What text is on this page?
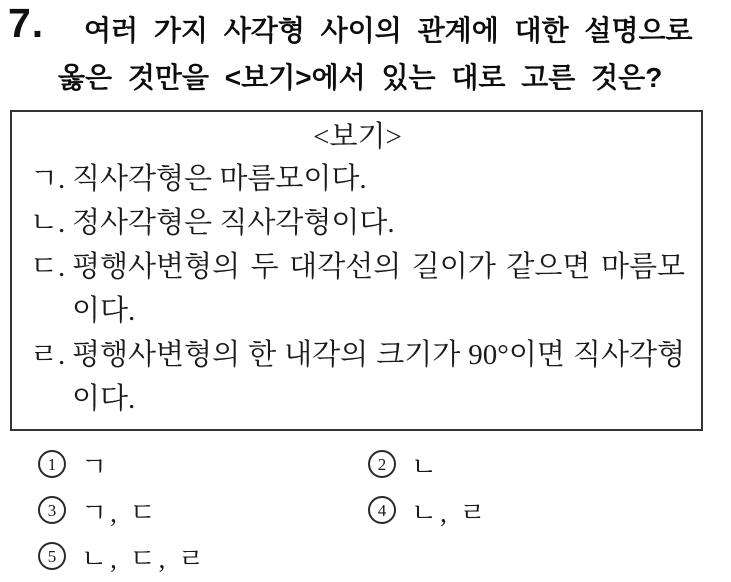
7. 여러 가지 사각형 사이의 관계에 대한 설명으로
옳은 것만을 <보기>에서 있는 대로 고른 것은?
<보기>
ㄱ. 직사각형은 마름모이다.
ㄴ. 정사각형은 직사각형이다.
ㄷ. 평행사변형의 두 대각선의 길이가 같으면 마름모이다.
ㄹ. 평행사변형의 한 내각의 크기가 90°이면 직사각형이다.
1 ㄱ	2 ㄴ
3 ㄱ, ㄷ	4 ㄴ, ㄹ
5 ㄴ, ㄷ, ㄹ
